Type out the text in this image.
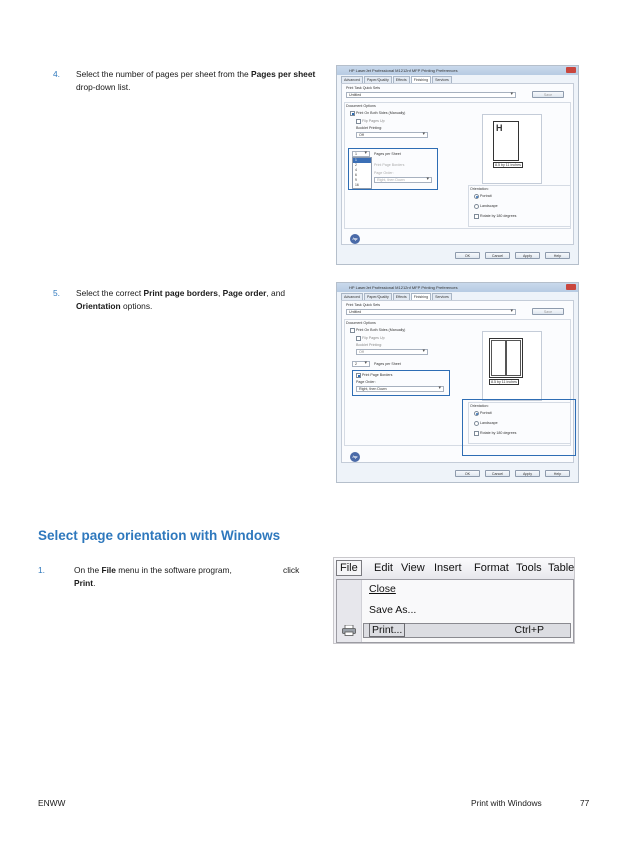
4. Select the number of pages per sheet from the Pages per sheet drop-down list.
5. Select the correct Print page borders, Page order, and Orientation options.
HP LaserJet Professional M1212nf MFP Printing Preferences
Advanced	Paper/Quality	Effects	Finishing	Services
Print Task Quick Sets
Untitled ▾	Save
Document Options
Print On Both Sides (Manually)
Flip Pages Up
Booklet Printing:
Off ▾
1 ▾	Pages per Sheet
1
2
4
6
9
16
Print Page Borders
Page Order:
Right, then Down ▾
H
8.5 by 11 inches
Orientation:
Portrait
Landscape
Rotate by 180 degrees
hp
OK	Cancel	Apply	Help
HP LaserJet Professional M1212nf MFP Printing Preferences
Advanced	Paper/Quality	Effects	Finishing	Services
Print Task Quick Sets
Untitled ▾	Save
Document Options
Print On Both Sides (Manually)
Flip Pages Up
Booklet Printing:
Off ▾
2 ▾	Pages per Sheet
Print Page Borders
Page Order:
Right, then Down ▾
8.5 by 11 inches
Orientation:
Portrait
Landscape
Rotate by 180 degrees
hp
OK	Cancel	Apply	Help
Select page orientation with Windows
1.	On the File menu in the software program,	click

Print.
File	Edit View Insert Format Tools Table
Close
Save As...
Print...	Ctrl+P
ENWW	Print with Windows	77
